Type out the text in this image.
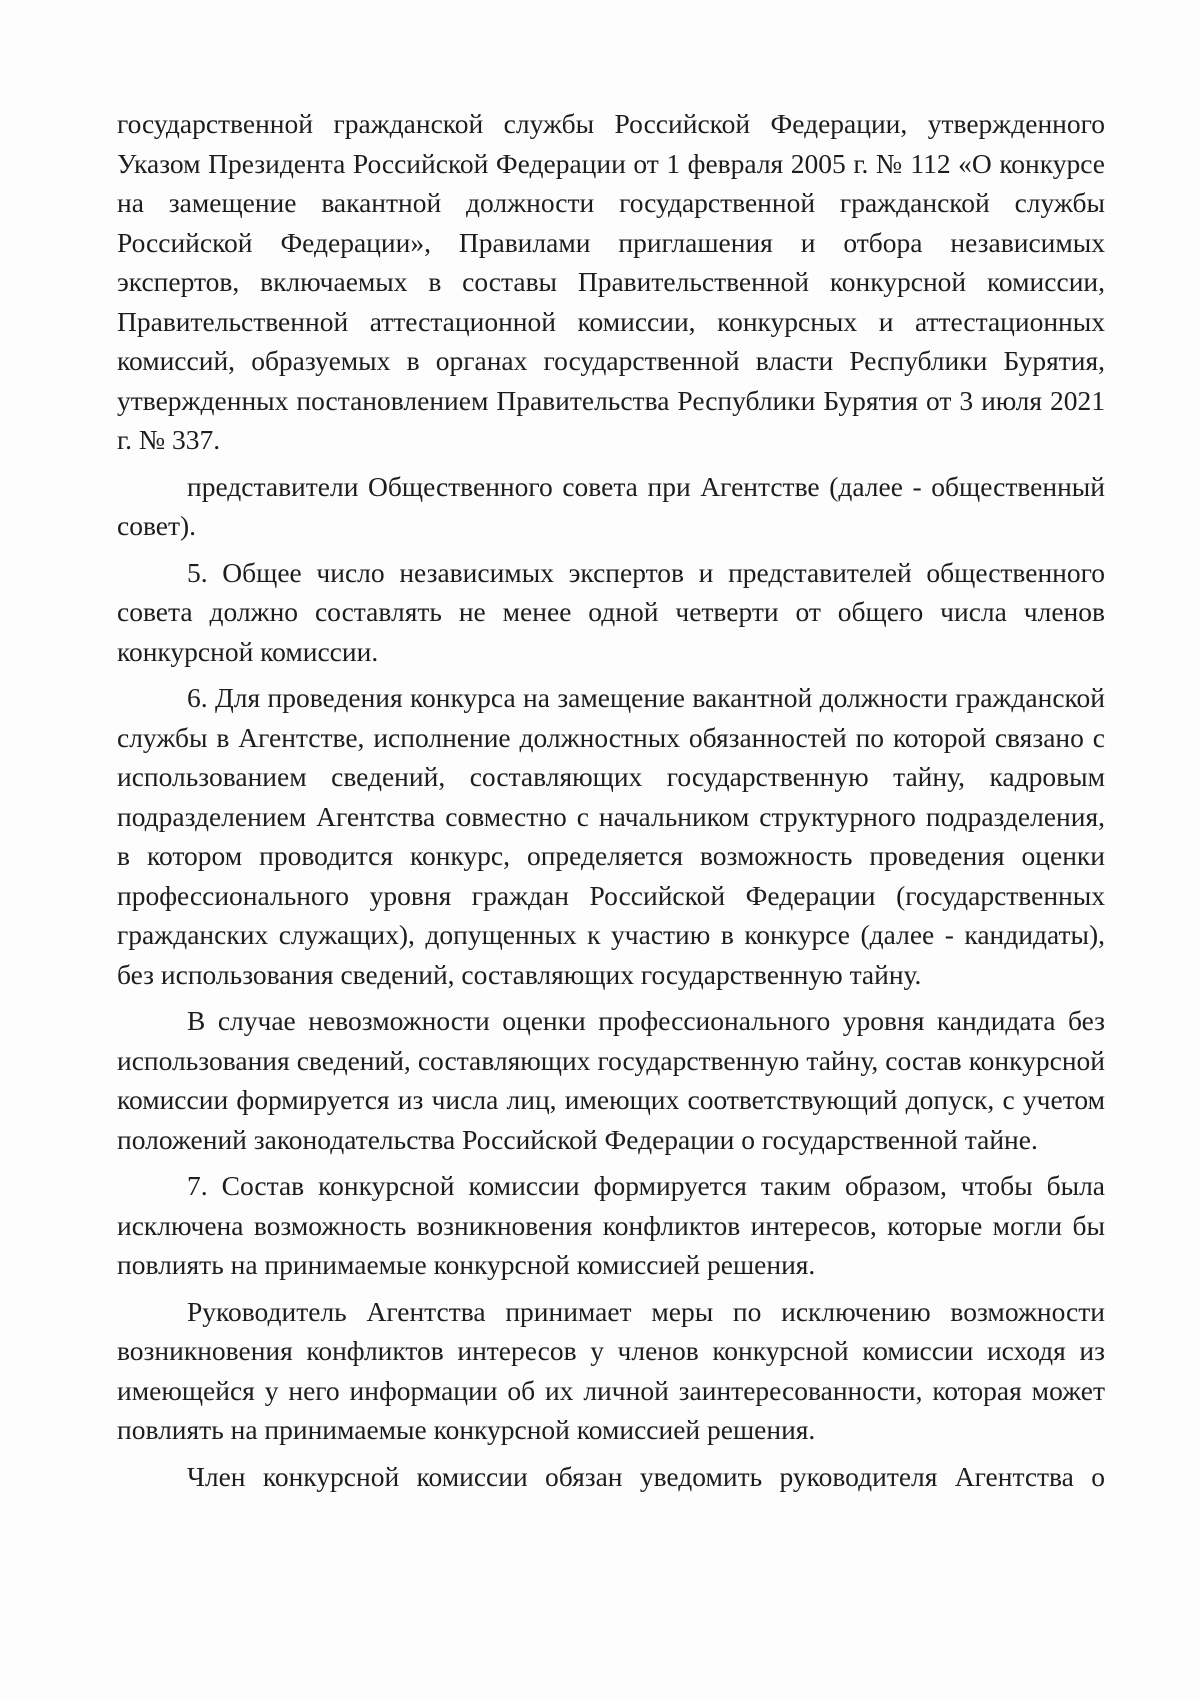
государственной гражданской службы Российской Федерации, утвержденного Указом Президента Российской Федерации от 1 февраля 2005 г. № 112 «О конкурсе на замещение вакантной должности государственной гражданской службы Российской Федерации», Правилами приглашения и отбора независимых экспертов, включаемых в составы Правительственной конкурсной комиссии, Правительственной аттестационной комиссии, конкурсных и аттестационных комиссий, образуемых в органах государственной власти Республики Бурятия, утвержденных постановлением Правительства Республики Бурятия от 3 июля 2021 г. № 337.

представители Общественного совета при Агентстве (далее - общественный совет).

5. Общее число независимых экспертов и представителей общественного совета должно составлять не менее одной четверти от общего числа членов конкурсной комиссии.

6. Для проведения конкурса на замещение вакантной должности гражданской службы в Агентстве, исполнение должностных обязанностей по которой связано с использованием сведений, составляющих государственную тайну, кадровым подразделением Агентства совместно с начальником структурного подразделения, в котором проводится конкурс, определяется возможность проведения оценки профессионального уровня граждан Российской Федерации (государственных гражданских служащих), допущенных к участию в конкурсе (далее - кандидаты), без использования сведений, составляющих государственную тайну.

В случае невозможности оценки профессионального уровня кандидата без использования сведений, составляющих государственную тайну, состав конкурсной комиссии формируется из числа лиц, имеющих соответствующий допуск, с учетом положений законодательства Российской Федерации о государственной тайне.

7. Состав конкурсной комиссии формируется таким образом, чтобы была исключена возможность возникновения конфликтов интересов, которые могли бы повлиять на принимаемые конкурсной комиссией решения.

Руководитель Агентства принимает меры по исключению возможности возникновения конфликтов интересов у членов конкурсной комиссии исходя из имеющейся у него информации об их личной заинтересованности, которая может повлиять на принимаемые конкурсной комиссией решения.

Член конкурсной комиссии обязан уведомить руководителя Агентства о
